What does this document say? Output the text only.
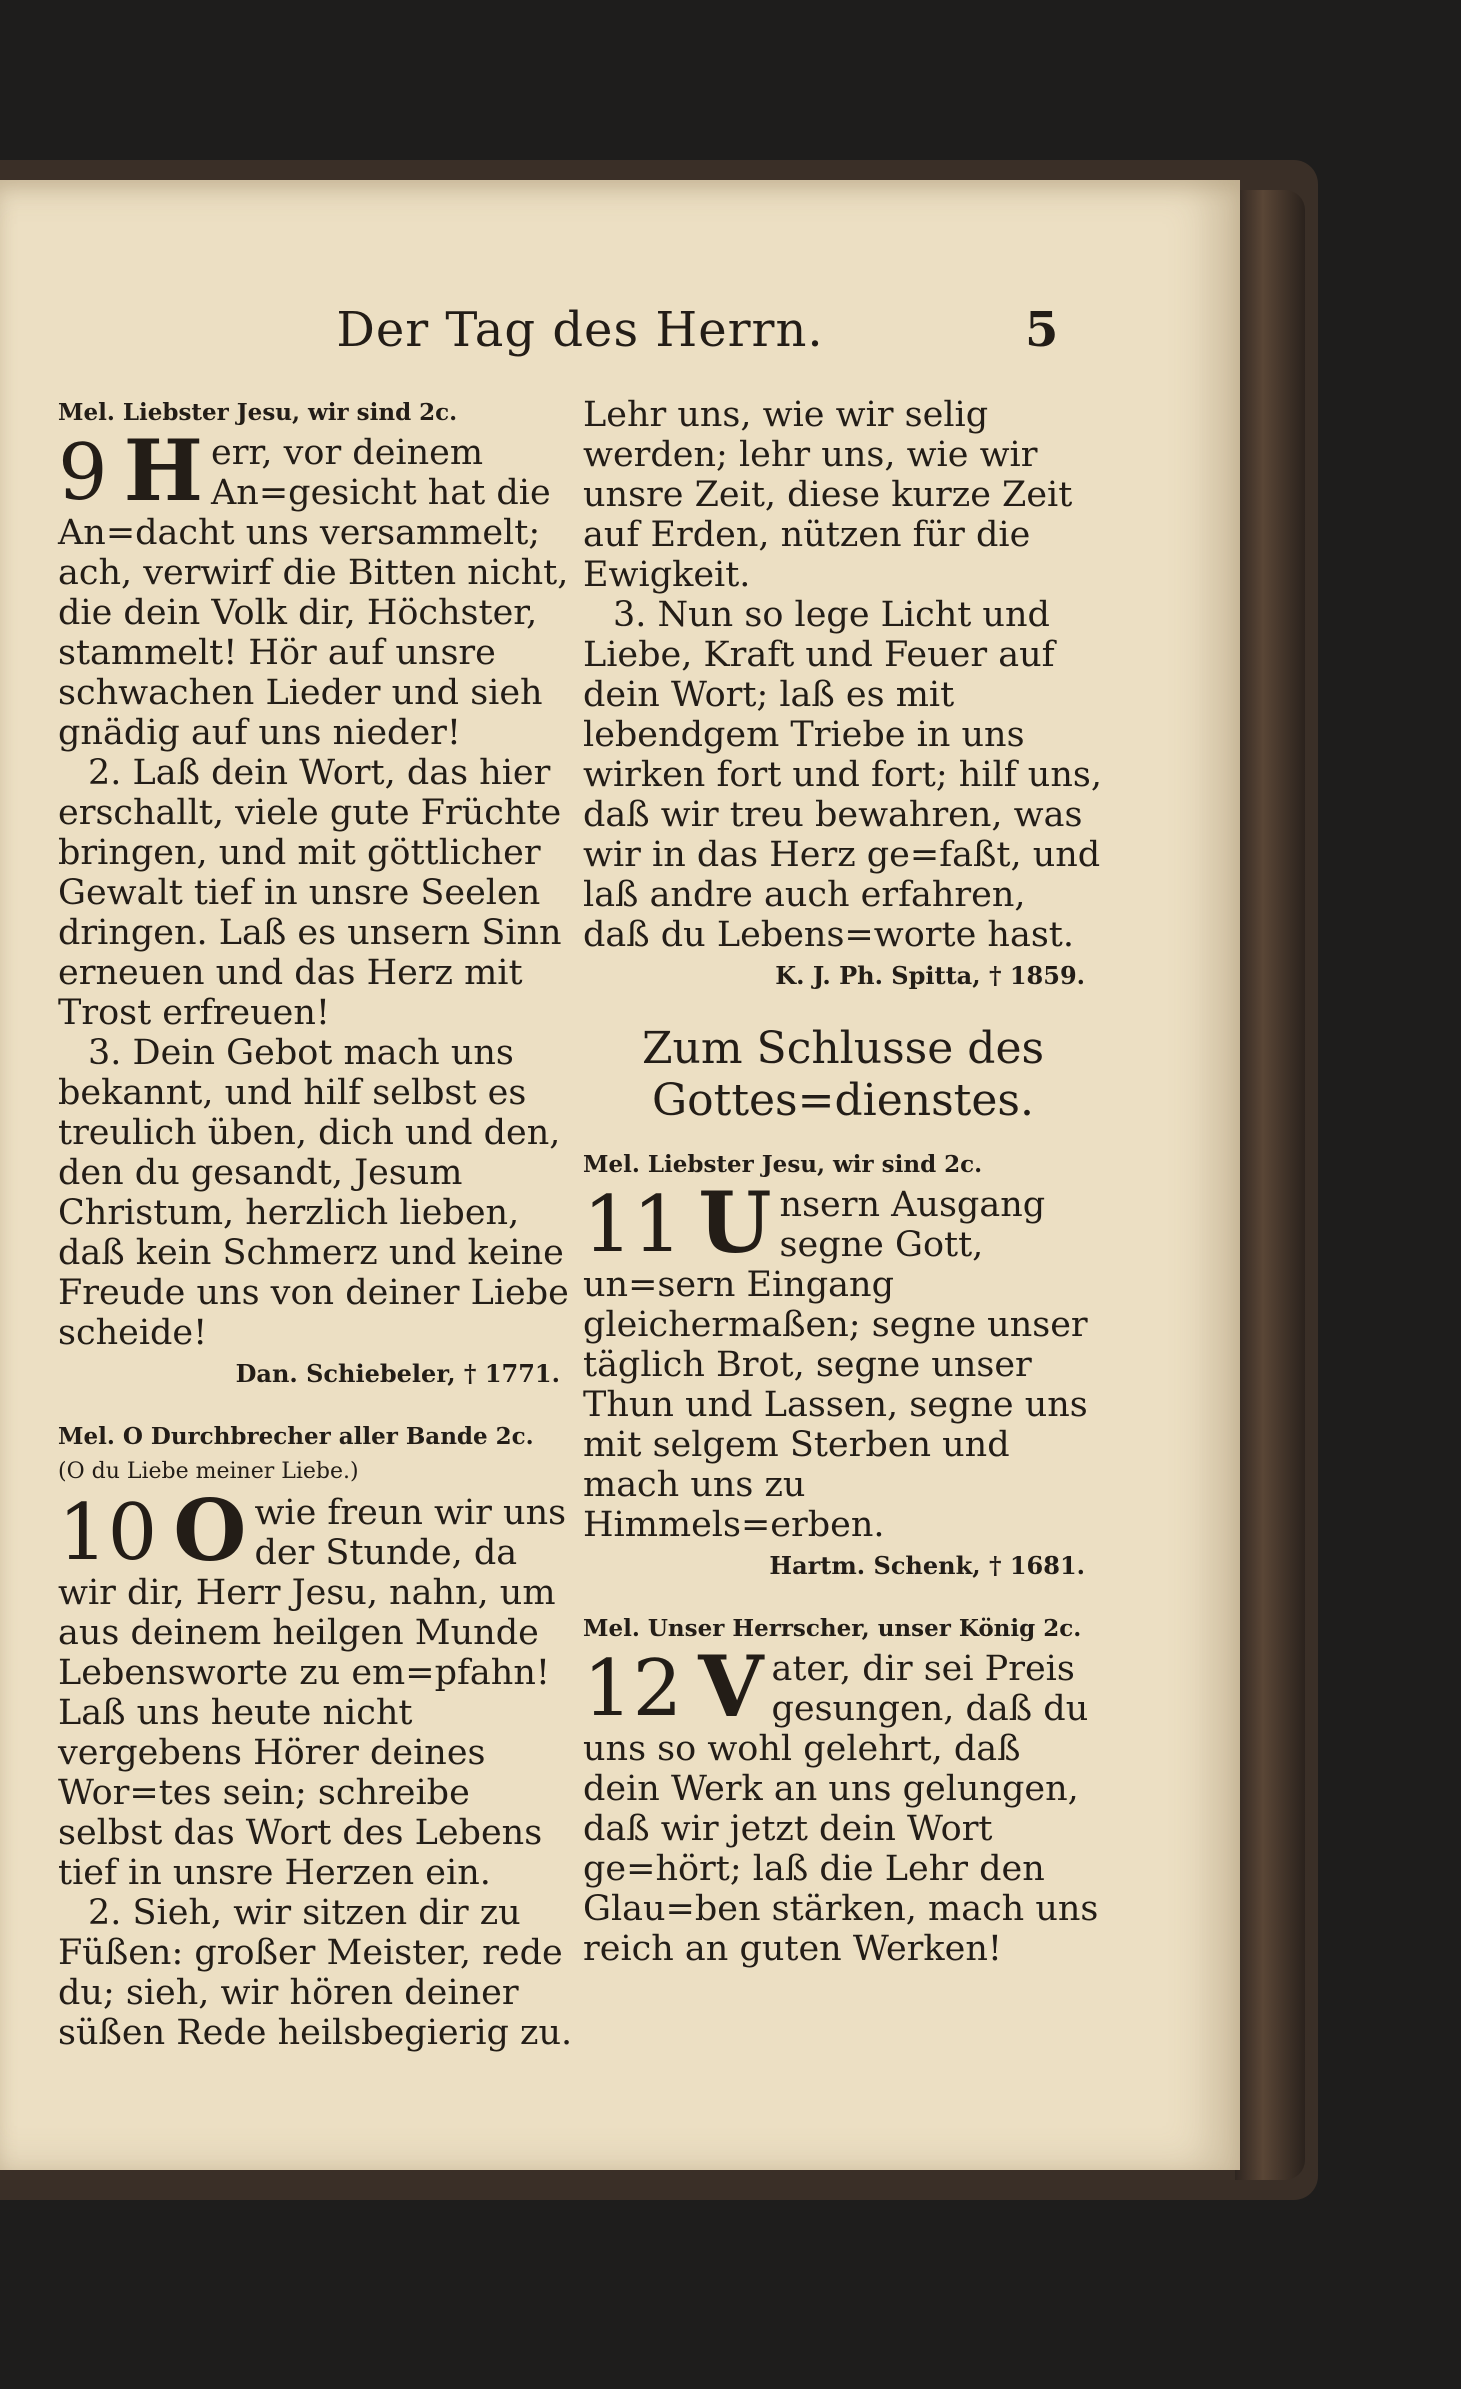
Der Tag des Herrn.	5
Mel. Liebster Jesu, wir sind 2c.

9 H err, vor deinem An=gesicht hat die An=dacht uns versammelt; ach, verwirf die Bitten nicht, die dein Volk dir, Höchster, stammelt! Hör auf unsre schwachen Lieder und sieh gnädig auf uns nieder!

2. Laß dein Wort, das hier erschallt, viele gute Früchte bringen, und mit göttlicher Gewalt tief in unsre Seelen dringen. Laß es unsern Sinn erneuen und das Herz mit Trost erfreuen!

3. Dein Gebot mach uns bekannt, und hilf selbst es treulich üben, dich und den, den du gesandt, Jesum Christum, herzlich lieben, daß kein Schmerz und keine Freude uns von deiner Liebe scheide!

Dan. Schiebeler, † 1771.
Mel. O Durchbrecher aller Bande 2c.
(O du Liebe meiner Liebe.)

10 O wie freun wir uns der Stunde, da wir dir, Herr Jesu, nahn, um aus deinem heilgen Munde Lebensworte zu em=pfahn! Laß uns heute nicht vergebens Hörer deines Wor=tes sein; schreibe selbst das Wort des Lebens tief in unsre Herzen ein.

2. Sieh, wir sitzen dir zu Füßen: großer Meister, rede du; sieh, wir hören deiner süßen Rede heilsbegierig zu.

Lehr uns, wie wir selig werden; lehr uns, wie wir unsre Zeit, diese kurze Zeit auf Erden, nützen für die Ewigkeit.

3. Nun so lege Licht und Liebe, Kraft und Feuer auf dein Wort; laß es mit lebendgem Triebe in uns wirken fort und fort; hilf uns, daß wir treu bewahren, was wir in das Herz ge=faßt, und laß andre auch erfahren, daß du Lebens=worte hast.

K. J. Ph. Spitta, † 1859.
Zum Schlusse des Gottes=dienstes.
Mel. Liebster Jesu, wir sind 2c.

11 U nsern Ausgang segne Gott, un=sern Eingang gleichermaßen; segne unser täglich Brot, segne unser Thun und Lassen, segne uns mit selgem Sterben und mach uns zu Himmels=erben.

Hartm. Schenk, † 1681.
Mel. Unser Herrscher, unser König 2c.

12 V ater, dir sei Preis gesungen, daß du uns so wohl gelehrt, daß dein Werk an uns gelungen, daß wir jetzt dein Wort ge=hört; laß die Lehr den Glau=ben stärken, mach uns reich an guten Werken!
